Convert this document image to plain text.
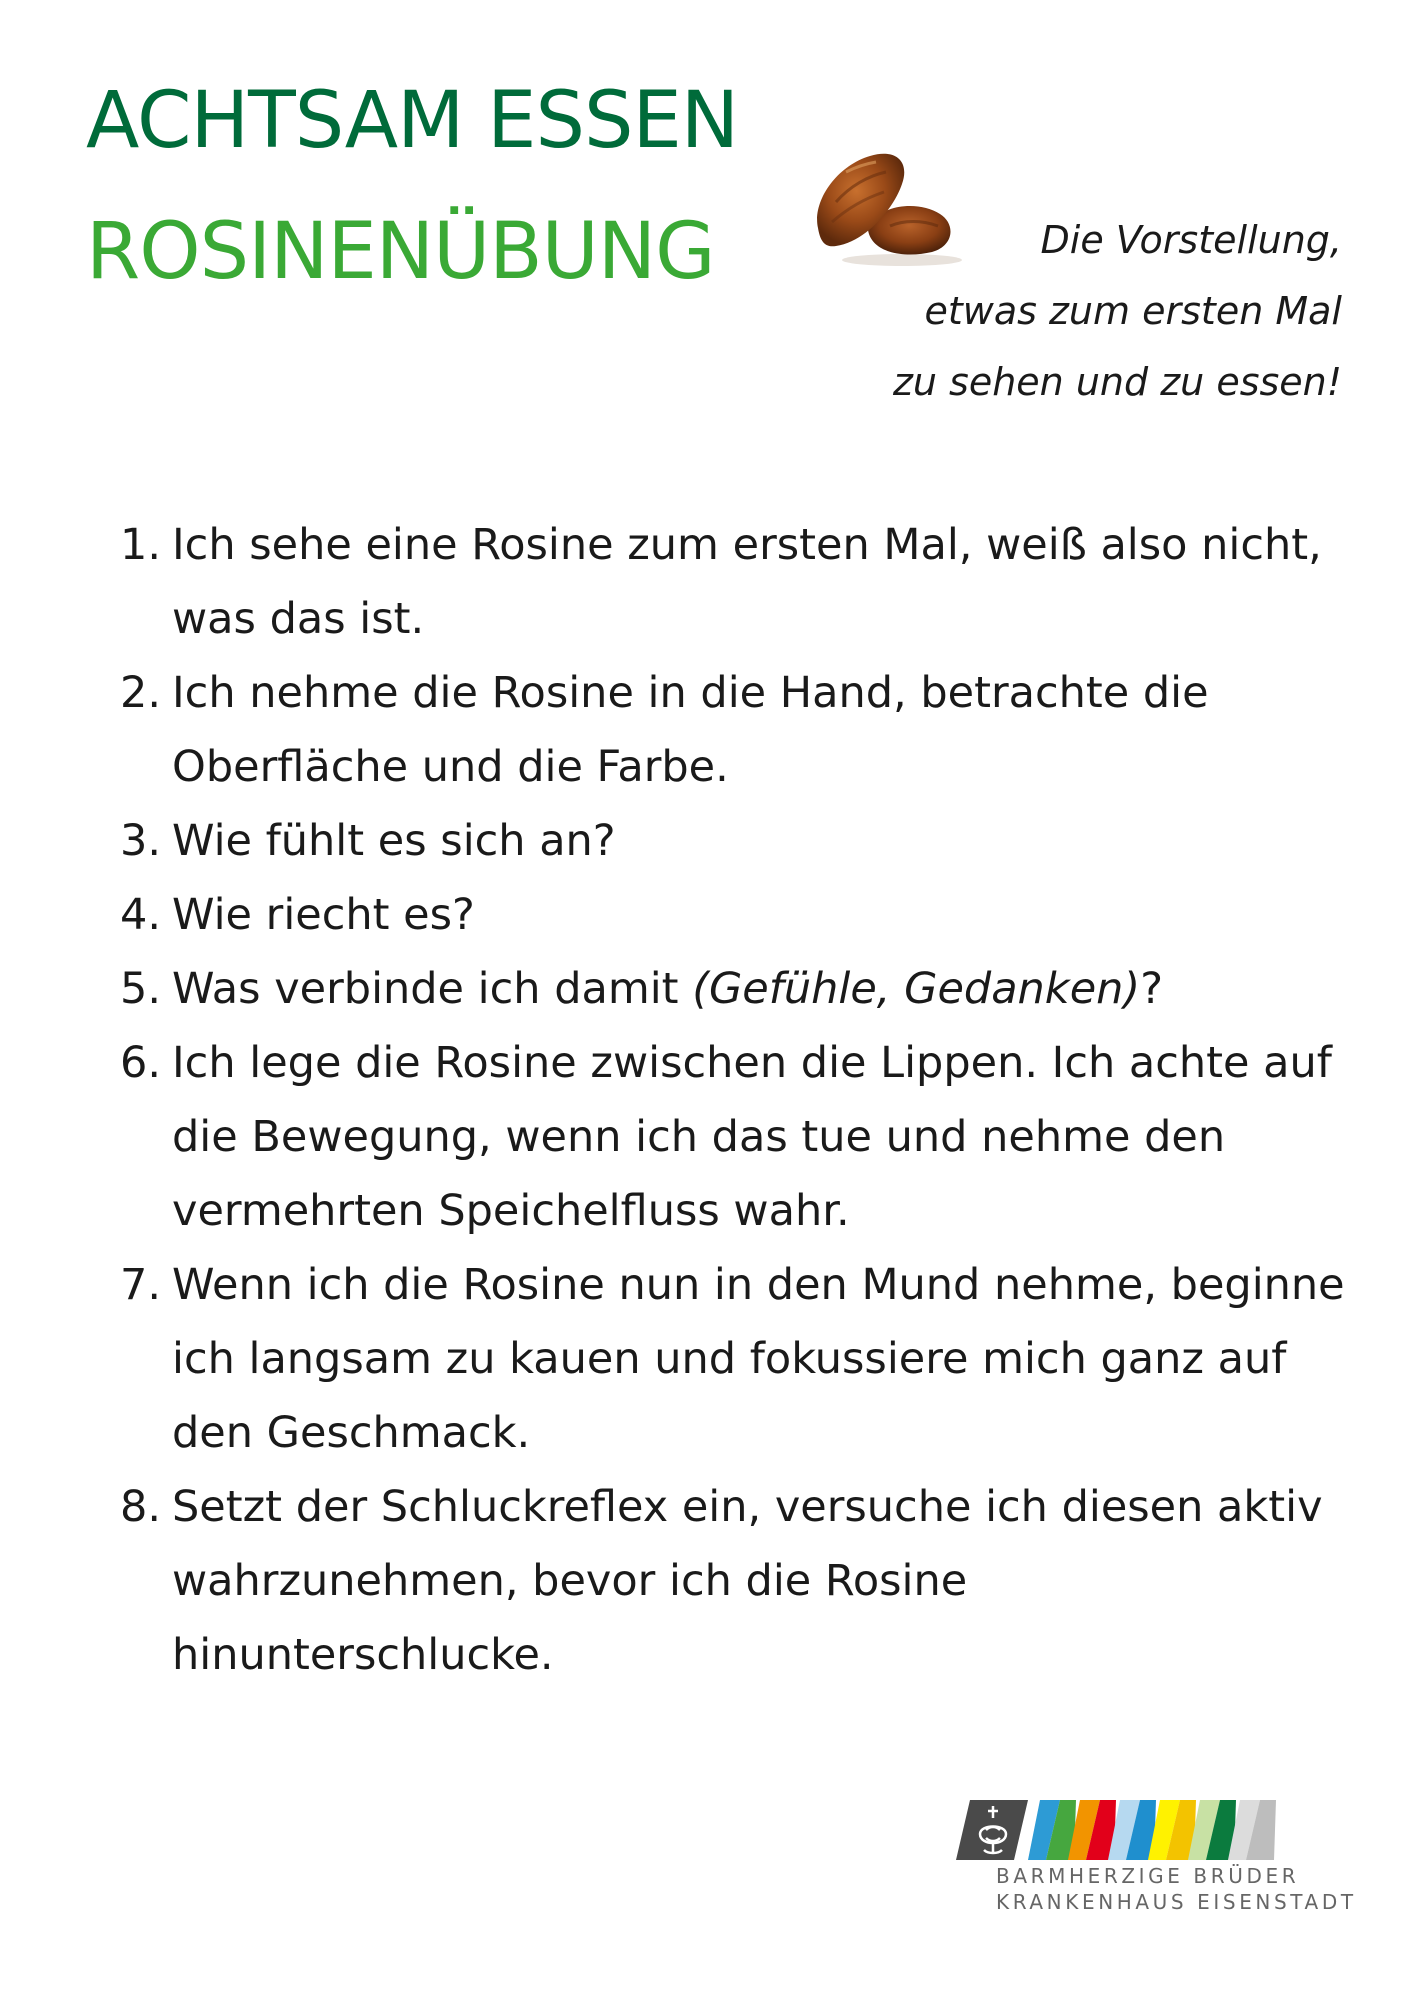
ACHTSAM ESSEN
ROSINENÜBUNG	Die Vorstellung,
etwas zum ersten Mal
zu sehen und zu essen!
1. Ich sehe eine Rosine zum ersten Mal, weiß also nicht, was das ist.
2. Ich nehme die Rosine in die Hand, betrachte die Oberfläche und die Farbe.
3. Wie fühlt es sich an?
4. Wie riecht es?
5. Was verbinde ich damit (Gefühle, Gedanken)?
6. Ich lege die Rosine zwischen die Lippen. Ich achte auf die Bewegung, wenn ich das tue und nehme den vermehrten Speichelfluss wahr.
7. Wenn ich die Rosine nun in den Mund nehme, beginne ich langsam zu kauen und fokussiere mich ganz auf den Geschmack.
8. Setzt der Schluckreflex ein, versuche ich diesen aktiv wahrzunehmen, bevor ich die Rosine hinunterschlucke.
BARMHERZIGE BRÜDER
KRANKENHAUS EISENSTADT
